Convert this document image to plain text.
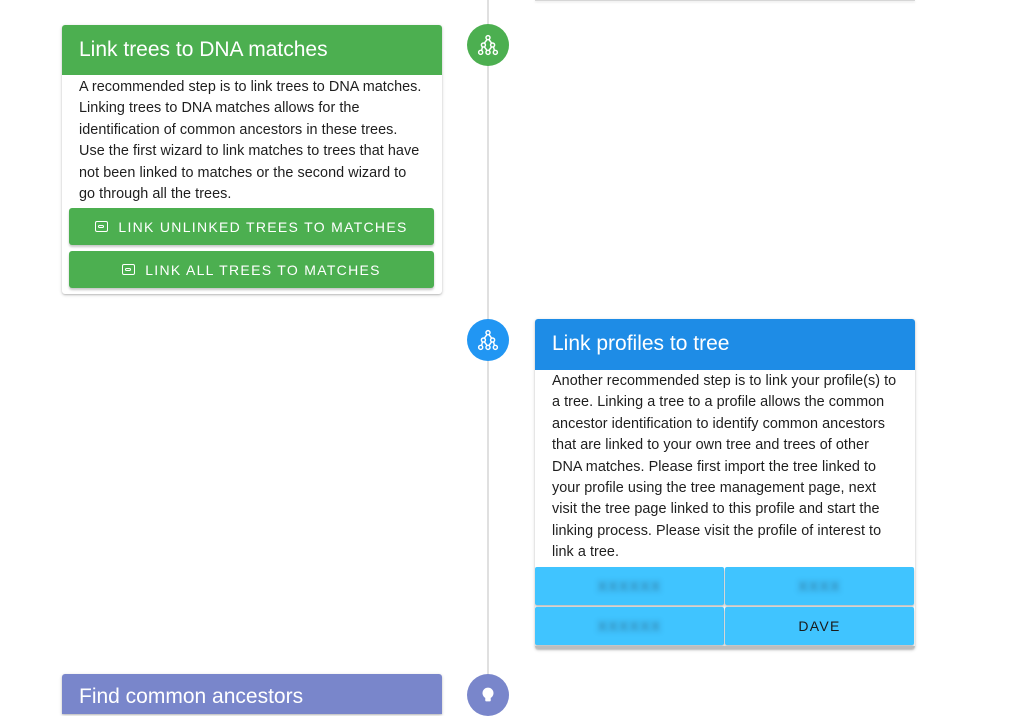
Link trees to DNA matches
A recommended step is to link trees to DNA matches. Linking trees to DNA matches allows for the identification of common ancestors in these trees. Use the first wizard to link matches to trees that have not been linked to matches or the second wizard to go through all the trees.
LINK UNLINKED TREES TO MATCHES
LINK ALL TREES TO MATCHES
Link profiles to tree
Another recommended step is to link your profile(s) to a tree. Linking a tree to a profile allows the common ancestor identification to identify common ancestors that are linked to your own tree and trees of other DNA matches. Please first import the tree linked to your profile using the tree management page, next visit the tree page linked to this profile and start the linking process. Please visit the profile of interest to link a tree.
XXXXXX	XXXX
XXXXXX	DAVE
Find common ancestors
